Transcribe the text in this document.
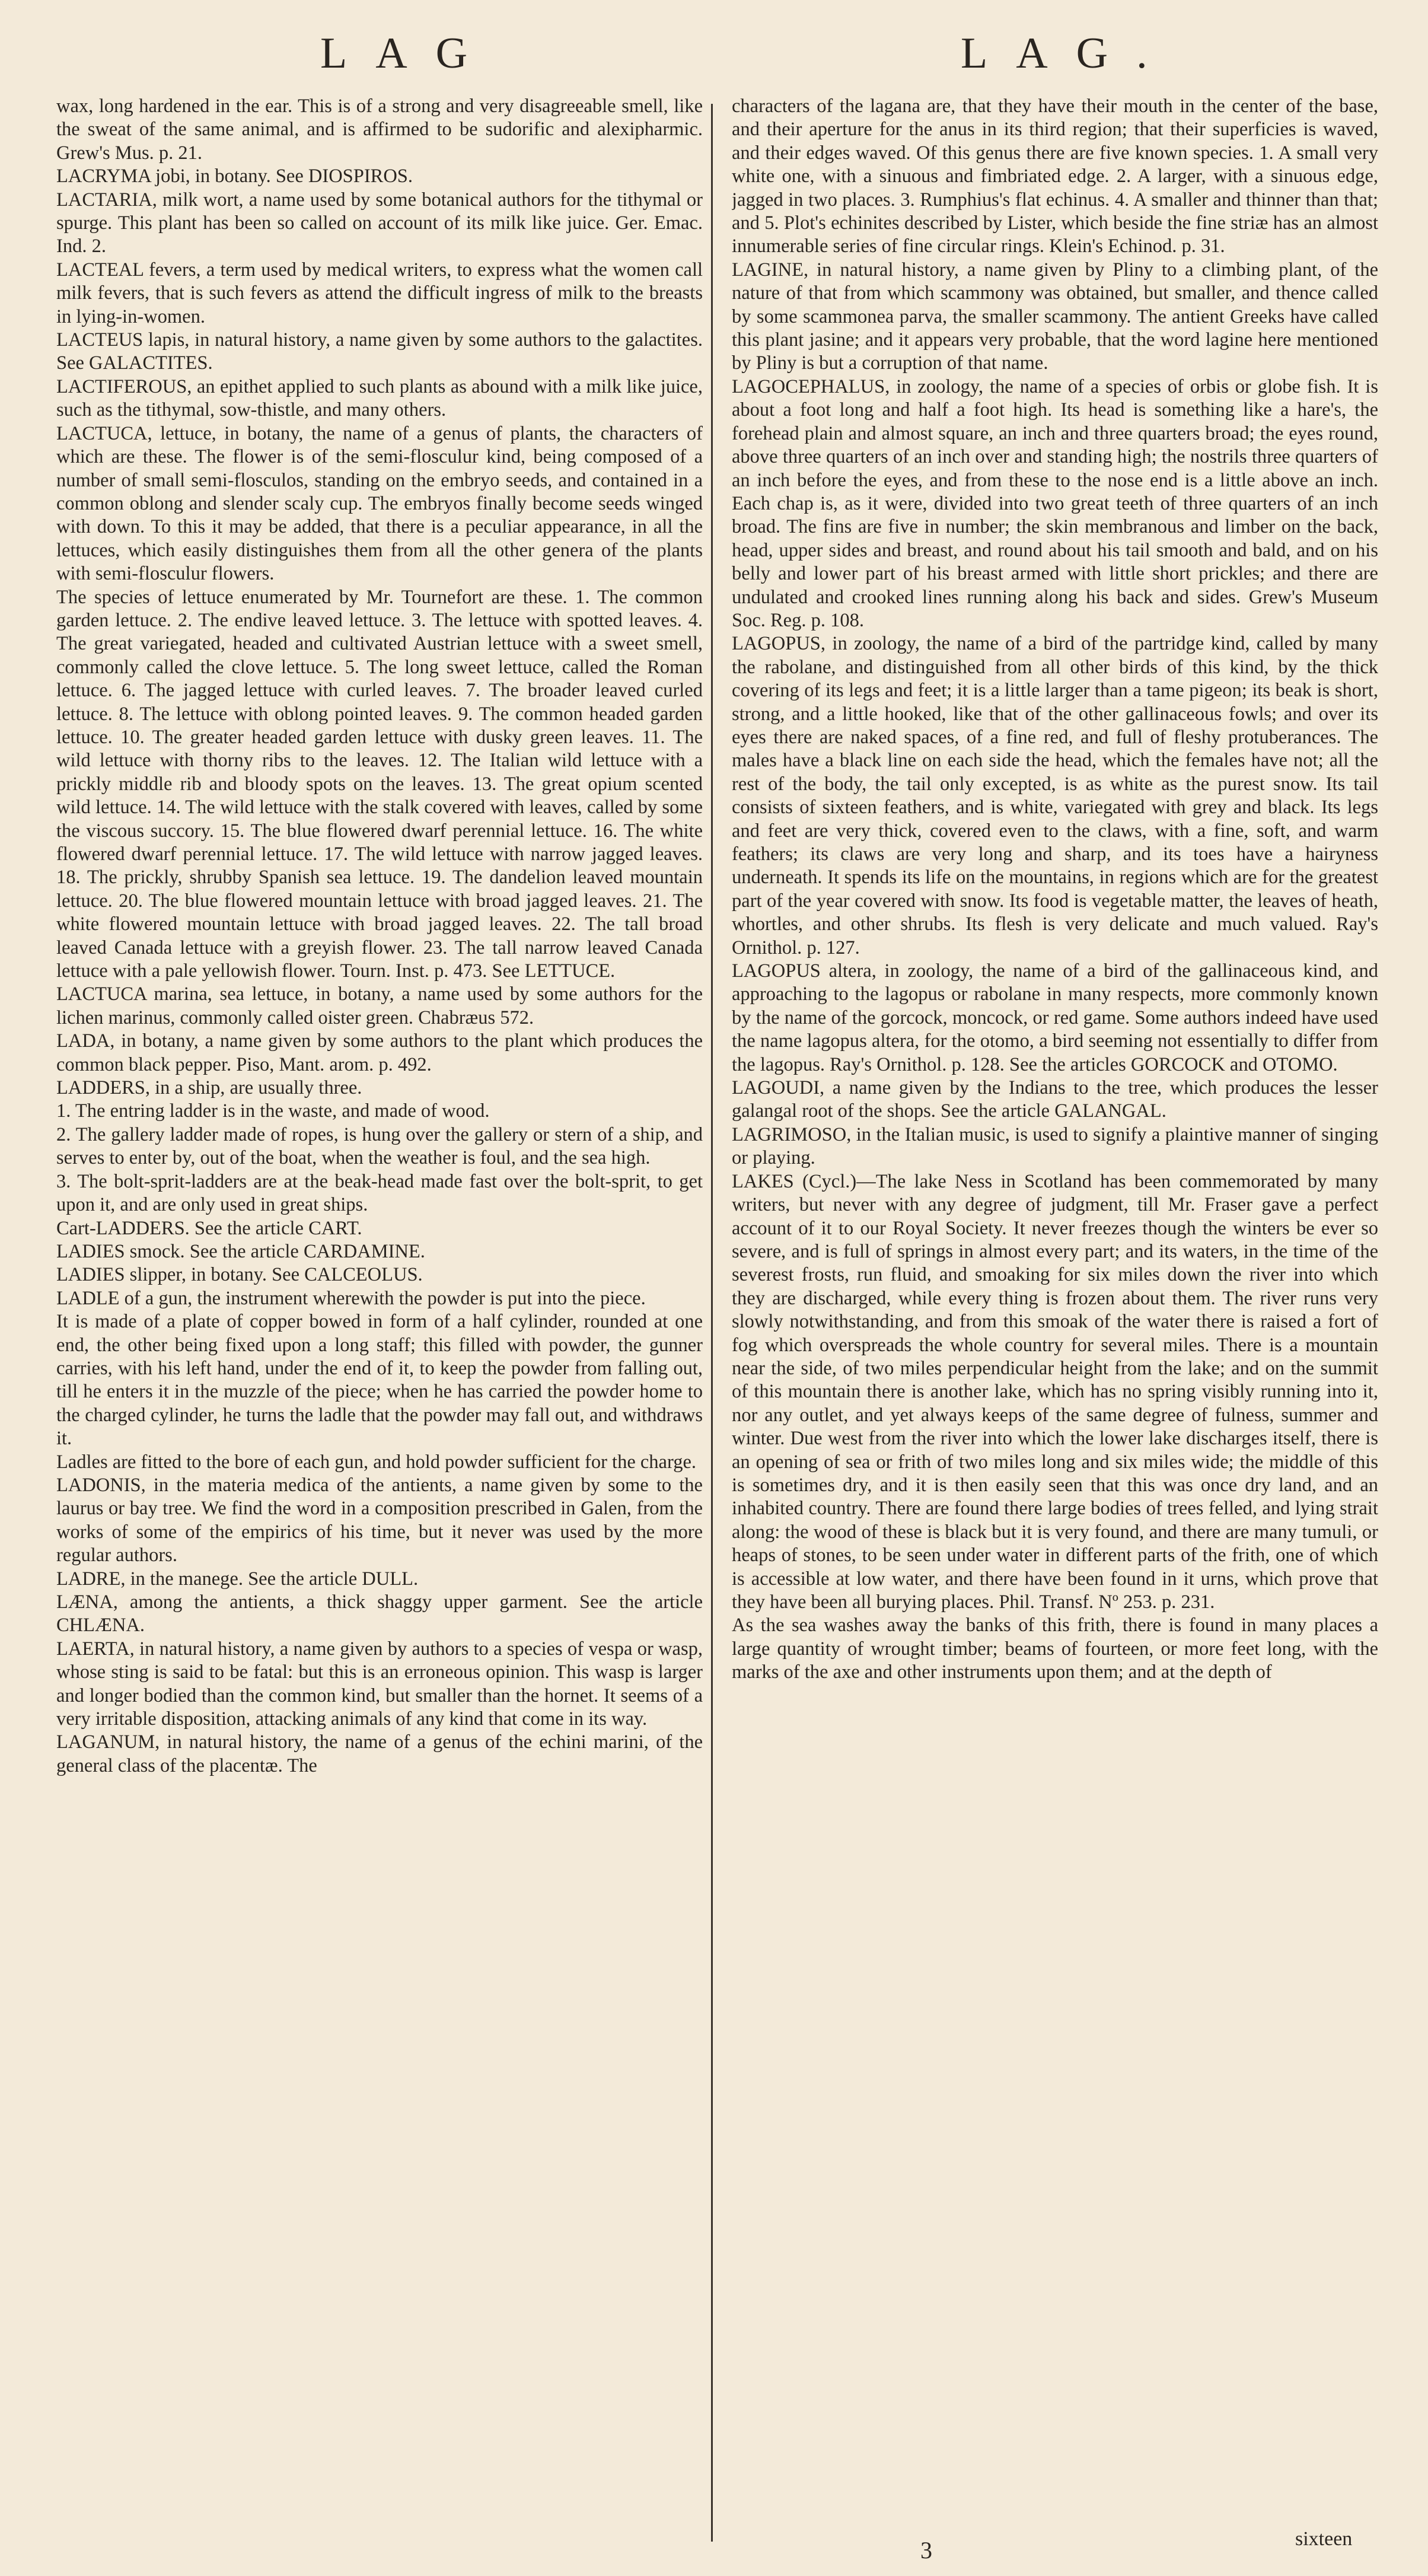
LAG	LAG.

wax, long hardened in the ear. This is of a strong and very disagreeable smell, like the sweat of the same animal, and is affirmed to be sudorific and alexipharmic. Grew's Mus. p. 21.

LACRYMA jobi, in botany. See DIOSPIROS.

LACTARIA, milk wort, a name used by some botanical authors for the tithymal or spurge. This plant has been so called on account of its milk like juice. Ger. Emac. Ind. 2.

LACTEAL fevers, a term used by medical writers, to express what the women call milk fevers, that is such fevers as attend the difficult ingress of milk to the breasts in lying-in-women.

LACTEUS lapis, in natural history, a name given by some authors to the galactites. See GALACTITES.

LACTIFEROUS, an epithet applied to such plants as abound with a milk like juice, such as the tithymal, sow-thistle, and many others.

LACTUCA, lettuce, in botany, the name of a genus of plants, the characters of which are these. The flower is of the semi-flosculur kind, being composed of a number of small semi-flosculos, standing on the embryo seeds, and contained in a common oblong and slender scaly cup. The embryos finally become seeds winged with down. To this it may be added, that there is a peculiar appearance, in all the lettuces, which easily distinguishes them from all the other genera of the plants with semi-flosculur flowers.

The species of lettuce enumerated by Mr. Tournefort are these. 1. The common garden lettuce. 2. The endive leaved lettuce. 3. The lettuce with spotted leaves. 4. The great variegated, headed and cultivated Austrian lettuce with a sweet smell, commonly called the clove lettuce. 5. The long sweet lettuce, called the Roman lettuce. 6. The jagged lettuce with curled leaves. 7. The broader leaved curled lettuce. 8. The lettuce with oblong pointed leaves. 9. The common headed garden lettuce. 10. The greater headed garden lettuce with dusky green leaves. 11. The wild lettuce with thorny ribs to the leaves. 12. The Italian wild lettuce with a prickly middle rib and bloody spots on the leaves. 13. The great opium scented wild lettuce. 14. The wild lettuce with the stalk covered with leaves, called by some the viscous succory. 15. The blue flowered dwarf perennial lettuce. 16. The white flowered dwarf perennial lettuce. 17. The wild lettuce with narrow jagged leaves. 18. The prickly, shrubby Spanish sea lettuce. 19. The dandelion leaved mountain lettuce. 20. The blue flowered mountain lettuce with broad jagged leaves. 21. The white flowered mountain lettuce with broad jagged leaves. 22. The tall broad leaved Canada lettuce with a greyish flower. 23. The tall narrow leaved Canada lettuce with a pale yellowish flower. Tourn. Inst. p. 473. See LETTUCE.

LACTUCA marina, sea lettuce, in botany, a name used by some authors for the lichen marinus, commonly called oister green. Chabræus 572.

LADA, in botany, a name given by some authors to the plant which produces the common black pepper. Piso, Mant. arom. p. 492.

LADDERS, in a ship, are usually three.

1. The entring ladder is in the waste, and made of wood.

2. The gallery ladder made of ropes, is hung over the gallery or stern of a ship, and serves to enter by, out of the boat, when the weather is foul, and the sea high.

3. The bolt-sprit-ladders are at the beak-head made fast over the bolt-sprit, to get upon it, and are only used in great ships.

Cart-LADDERS. See the article CART.

LADIES smock. See the article CARDAMINE.

LADIES slipper, in botany. See CALCEOLUS.

LADLE of a gun, the instrument wherewith the powder is put into the piece.

It is made of a plate of copper bowed in form of a half cylinder, rounded at one end, the other being fixed upon a long staff; this filled with powder, the gunner carries, with his left hand, under the end of it, to keep the powder from falling out, till he enters it in the muzzle of the piece; when he has carried the powder home to the charged cylinder, he turns the ladle that the powder may fall out, and withdraws it.

Ladles are fitted to the bore of each gun, and hold powder sufficient for the charge.

LADONIS, in the materia medica of the antients, a name given by some to the laurus or bay tree. We find the word in a composition prescribed in Galen, from the works of some of the empirics of his time, but it never was used by the more regular authors.

LADRE, in the manege. See the article DULL.

LÆNA, among the antients, a thick shaggy upper garment. See the article CHLÆNA.

LAERTA, in natural history, a name given by authors to a species of vespa or wasp, whose sting is said to be fatal: but this is an erroneous opinion. This wasp is larger and longer bodied than the common kind, but smaller than the hornet. It seems of a very irritable disposition, attacking animals of any kind that come in its way.

LAGANUM, in natural history, the name of a genus of the echini marini, of the general class of the placentæ. The

characters of the lagana are, that they have their mouth in the center of the base, and their aperture for the anus in its third region; that their superficies is waved, and their edges waved. Of this genus there are five known species. 1. A small very white one, with a sinuous and fimbriated edge. 2. A larger, with a sinuous edge, jagged in two places. 3. Rumphius's flat echinus. 4. A smaller and thinner than that; and 5. Plot's echinites described by Lister, which beside the fine striæ has an almost innumerable series of fine circular rings. Klein's Echinod. p. 31.

LAGINE, in natural history, a name given by Pliny to a climbing plant, of the nature of that from which scammony was obtained, but smaller, and thence called by some scammonea parva, the smaller scammony. The antient Greeks have called this plant jasine; and it appears very probable, that the word lagine here mentioned by Pliny is but a corruption of that name.

LAGOCEPHALUS, in zoology, the name of a species of orbis or globe fish. It is about a foot long and half a foot high. Its head is something like a hare's, the forehead plain and almost square, an inch and three quarters broad; the eyes round, above three quarters of an inch over and standing high; the nostrils three quarters of an inch before the eyes, and from these to the nose end is a little above an inch. Each chap is, as it were, divided into two great teeth of three quarters of an inch broad. The fins are five in number; the skin membranous and limber on the back, head, upper sides and breast, and round about his tail smooth and bald, and on his belly and lower part of his breast armed with little short prickles; and there are undulated and crooked lines running along his back and sides. Grew's Museum Soc. Reg. p. 108.

LAGOPUS, in zoology, the name of a bird of the partridge kind, called by many the rabolane, and distinguished from all other birds of this kind, by the thick covering of its legs and feet; it is a little larger than a tame pigeon; its beak is short, strong, and a little hooked, like that of the other gallinaceous fowls; and over its eyes there are naked spaces, of a fine red, and full of fleshy protuberances. The males have a black line on each side the head, which the females have not; all the rest of the body, the tail only excepted, is as white as the purest snow. Its tail consists of sixteen feathers, and is white, variegated with grey and black. Its legs and feet are very thick, covered even to the claws, with a fine, soft, and warm feathers; its claws are very long and sharp, and its toes have a hairyness underneath. It spends its life on the mountains, in regions which are for the greatest part of the year covered with snow. Its food is vegetable matter, the leaves of heath, whortles, and other shrubs. Its flesh is very delicate and much valued. Ray's Ornithol. p. 127.

LAGOPUS altera, in zoology, the name of a bird of the gallinaceous kind, and approaching to the lagopus or rabolane in many respects, more commonly known by the name of the gorcock, moncock, or red game. Some authors indeed have used the name lagopus altera, for the otomo, a bird seeming not essentially to differ from the lagopus. Ray's Ornithol. p. 128. See the articles GORCOCK and OTOMO.

LAGOUDI, a name given by the Indians to the tree, which produces the lesser galangal root of the shops. See the article GALANGAL.

LAGRIMOSO, in the Italian music, is used to signify a plaintive manner of singing or playing.

LAKES (Cycl.)—The lake Ness in Scotland has been commemorated by many writers, but never with any degree of judgment, till Mr. Fraser gave a perfect account of it to our Royal Society. It never freezes though the winters be ever so severe, and is full of springs in almost every part; and its waters, in the time of the severest frosts, run fluid, and smoaking for six miles down the river into which they are discharged, while every thing is frozen about them. The river runs very slowly notwithstanding, and from this smoak of the water there is raised a fort of fog which overspreads the whole country for several miles. There is a mountain near the side, of two miles perpendicular height from the lake; and on the summit of this mountain there is another lake, which has no spring visibly running into it, nor any outlet, and yet always keeps of the same degree of fulness, summer and winter. Due west from the river into which the lower lake discharges itself, there is an opening of sea or frith of two miles long and six miles wide; the middle of this is sometimes dry, and it is then easily seen that this was once dry land, and an inhabited country. There are found there large bodies of trees felled, and lying strait along: the wood of these is black but it is very found, and there are many tumuli, or heaps of stones, to be seen under water in different parts of the frith, one of which is accessible at low water, and there have been found in it urns, which prove that they have been all burying places. Phil. Transf. Nº 253. p. 231.

As the sea washes away the banks of this frith, there is found in many places a large quantity of wrought timber; beams of fourteen, or more feet long, with the marks of the axe and other instruments upon them; and at the depth of

3	sixteen
